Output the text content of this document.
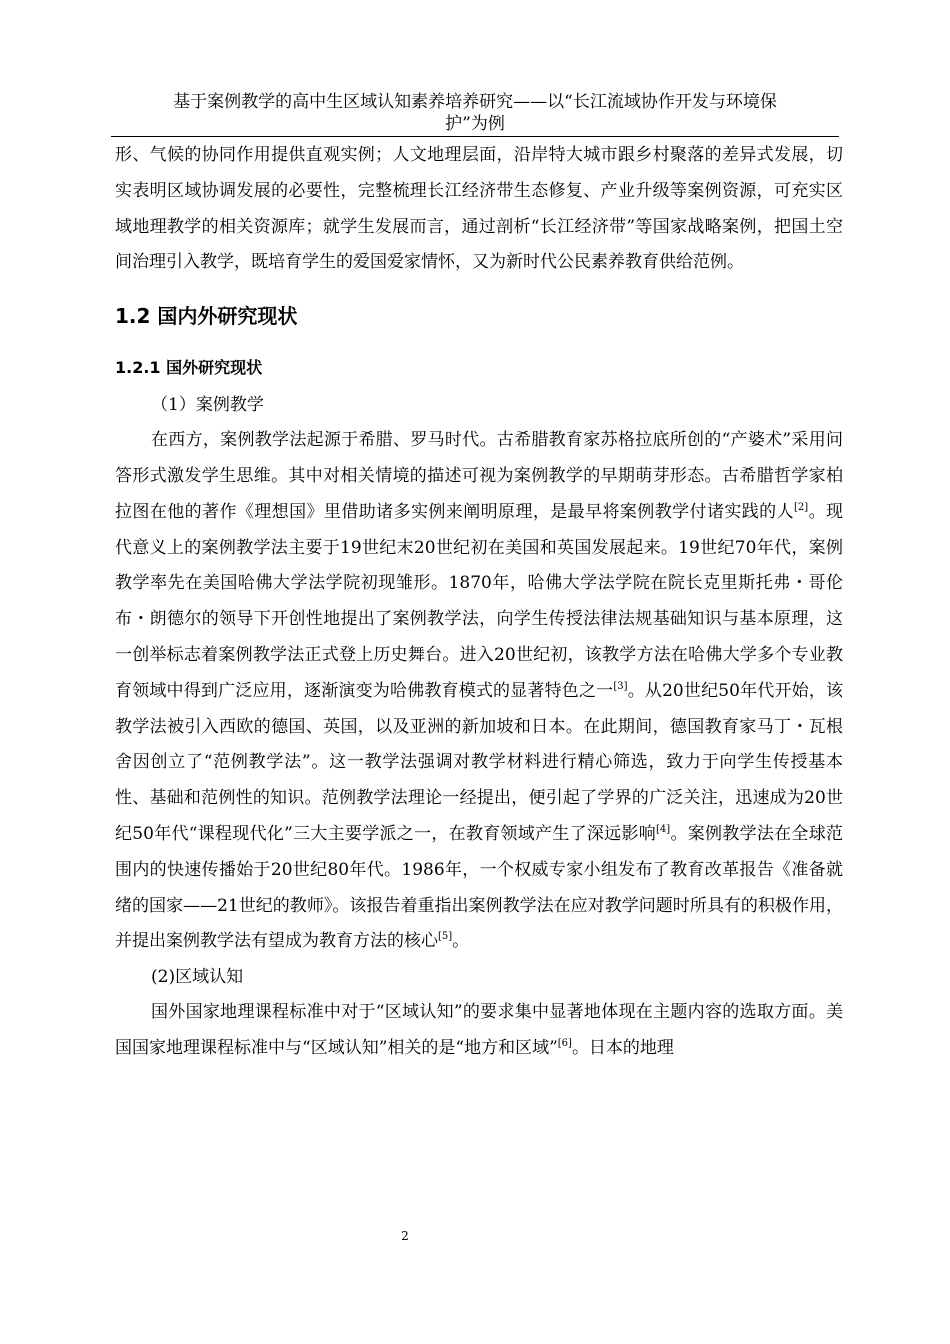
基于案例教学的高中生区域认知素养培养研究——以“长江流域协作开发与环境保
护”为例

形、气候的协同作用提供直观实例；人文地理层面，沿岸特大城市跟乡村聚落的差异式发展，切实表明区域协调发展的必要性，完整梳理长江经济带生态修复、产业升级等案例资源，可充实区域地理教学的相关资源库；就学生发展而言，通过剖析“长江经济带”等国家战略案例，把国土空间治理引入教学，既培育学生的爱国爱家情怀，又为新时代公民素养教育供给范例。

1.2 国内外研究现状

1.2.1 国外研究现状

（1）案例教学

在西方，案例教学法起源于希腊、罗马时代。古希腊教育家苏格拉底所创的“产婆术”采用问答形式激发学生思维。其中对相关情境的描述可视为案例教学的早期萌芽形态。古希腊哲学家柏拉图在他的著作《理想国》里借助诸多实例来阐明原理，是最早将案例教学付诸实践的人[2]。现代意义上的案例教学法主要于19世纪末20世纪初在美国和英国发展起来。19世纪70年代，案例教学率先在美国哈佛大学法学院初现雏形。1870年，哈佛大学法学院在院长克里斯托弗・哥伦布・朗德尔的领导下开创性地提出了案例教学法，向学生传授法律法规基础知识与基本原理，这一创举标志着案例教学法正式登上历史舞台。进入20世纪初，该教学方法在哈佛大学多个专业教育领域中得到广泛应用，逐渐演变为哈佛教育模式的显著特色之一[3]。从20世纪50年代开始，该教学法被引入西欧的德国、英国，以及亚洲的新加坡和日本。在此期间，德国教育家马丁・瓦根舍因创立了“范例教学法”。这一教学法强调对教学材料进行精心筛选，致力于向学生传授基本性、基础和范例性的知识。范例教学法理论一经提出，便引起了学界的广泛关注，迅速成为20世纪50年代“课程现代化”三大主要学派之一，在教育领域产生了深远影响[4]。案例教学法在全球范围内的快速传播始于20世纪80年代。1986年，一个权威专家小组发布了教育改革报告《准备就绪的国家——21世纪的教师》。该报告着重指出案例教学法在应对教学问题时所具有的积极作用，并提出案例教学法有望成为教育方法的核心[5]。

(2)区域认知

国外国家地理课程标准中对于“区域认知”的要求集中显著地体现在主题内容的选取方面。美国国家地理课程标准中与“区域认知”相关的是“地方和区域”[6]。日本的地理

2
